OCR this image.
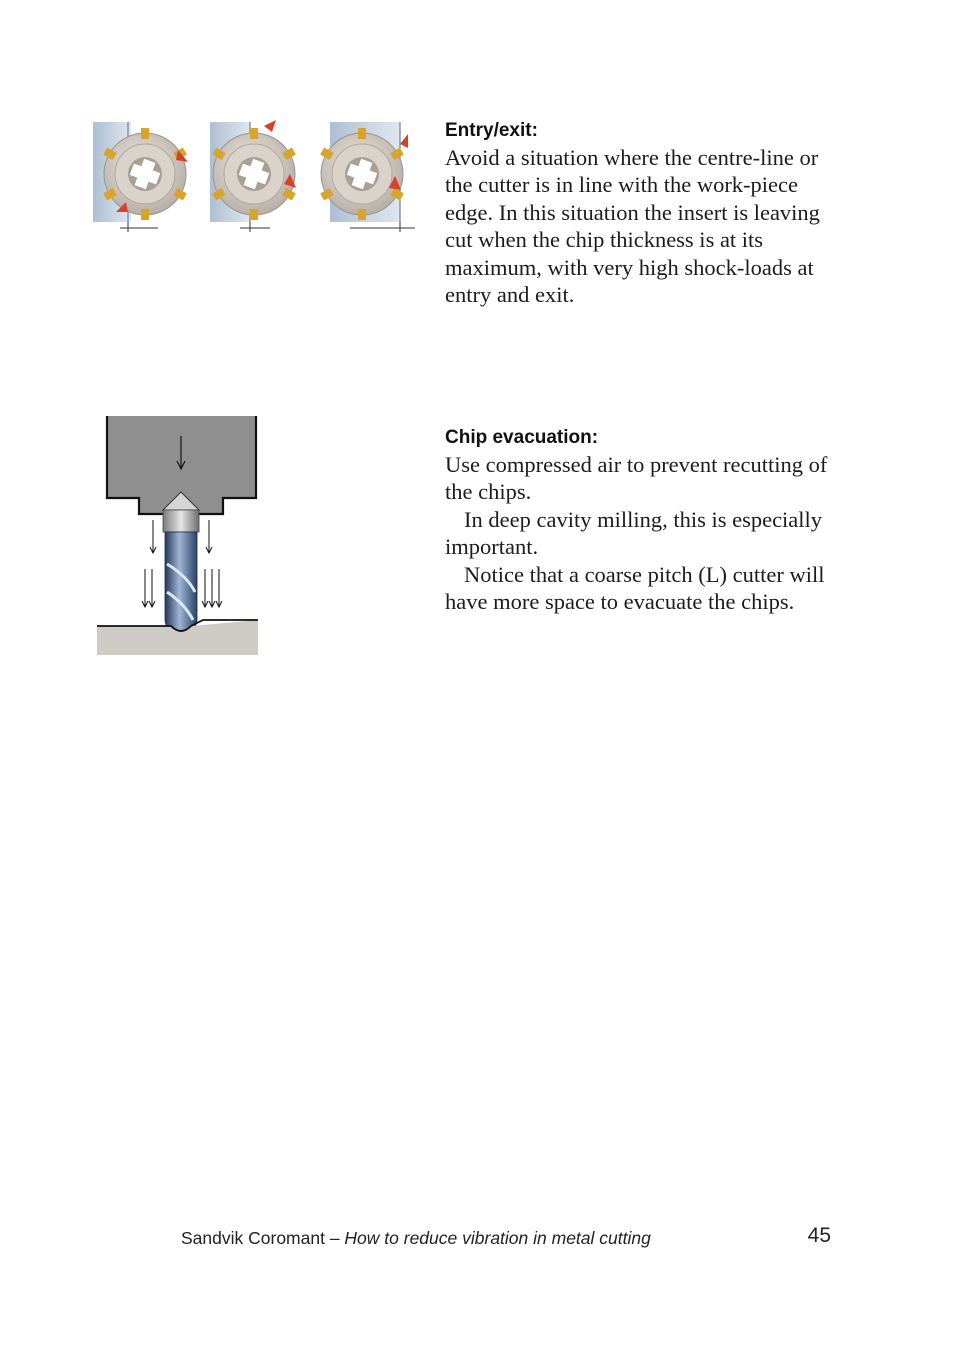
Entry/exit:

Avoid a situation where the centre-line or the cutter is in line with the work-piece edge. In this situation the insert is leaving cut when the chip thickness is at its maximum, with very high shock-loads at entry and exit.

Chip evacuation:

Use compressed air to prevent recutting of the chips.

In deep cavity milling, this is especially important.

Notice that a coarse pitch (L) cutter will have more space to evacuate the chips.

Sandvik Coromant – How to reduce vibration in metal cutting	45
